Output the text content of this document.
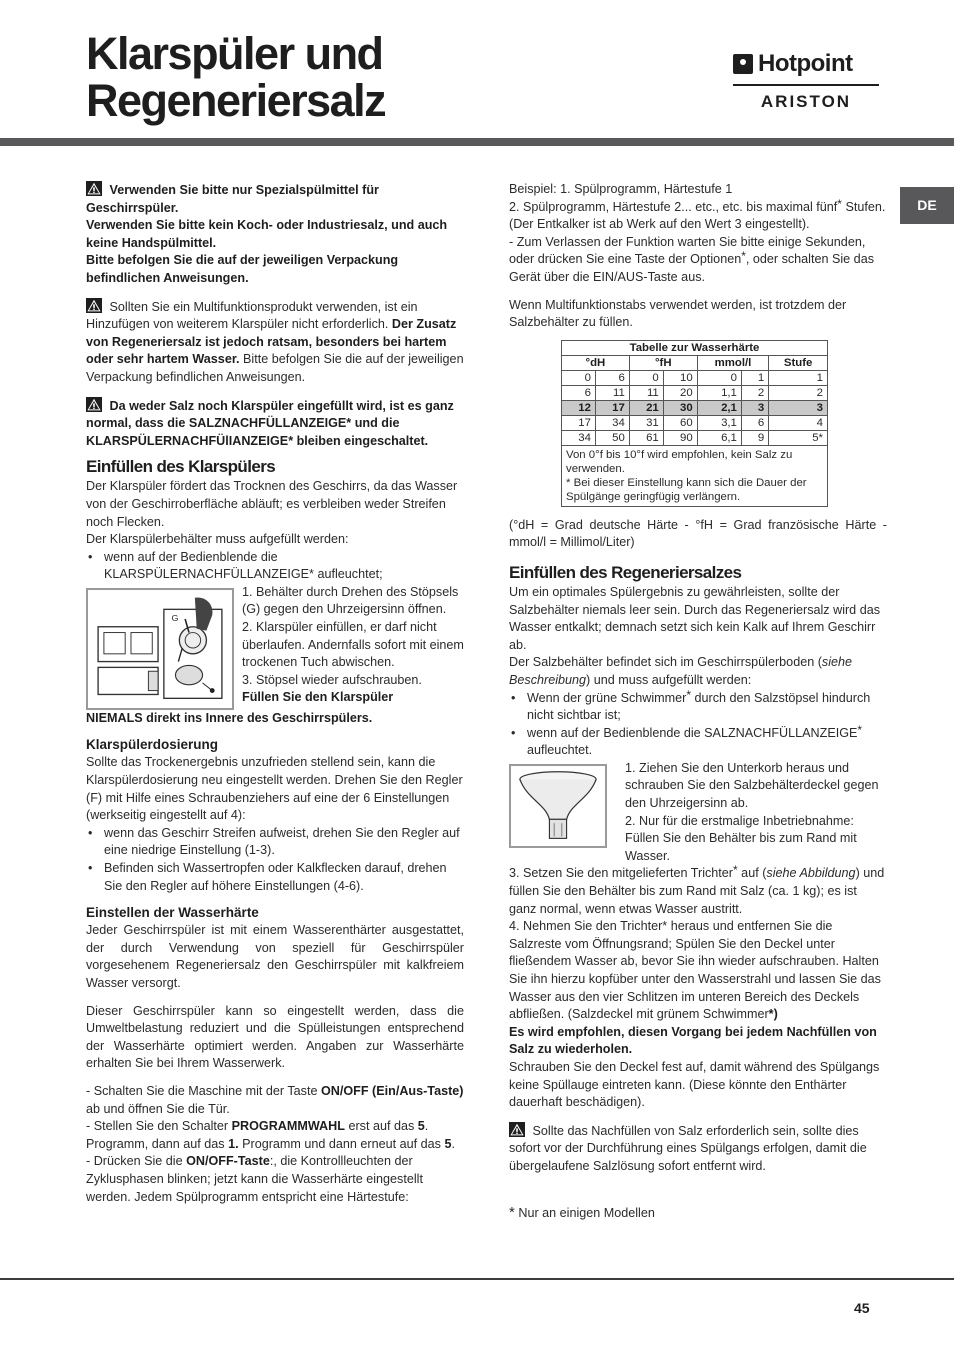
Klarspüler und
Regeneriersalz
Hotpoint
ARISTON
DE

Verwenden Sie bitte nur Spezialspülmittel für Geschirrspüler.
Verwenden Sie bitte kein Koch- oder Industriesalz, und auch keine Handspülmittel.
Bitte befolgen Sie die auf der jeweiligen Verpackung befindlichen Anweisungen.

Sollten Sie ein Multifunktionsprodukt verwenden, ist ein Hinzufügen von weiterem Klarspüler nicht erforderlich. Der Zusatz von Regeneriersalz ist jedoch ratsam, besonders bei hartem oder sehr hartem Wasser. Bitte befolgen Sie die auf der jeweiligen Verpackung befindlichen Anweisungen.

Da weder Salz noch Klarspüler eingefüllt wird, ist es ganz normal, dass die SALZNACHFÜLLANZEIGE* und die KLARSPÜLERNACHFÜlIANZEIGE* bleiben eingeschaltet.

Einfüllen des Klarspülers

Der Klarspüler fördert das Trocknen des Geschirrs, da das Wasser von der Geschirroberfläche abläuft; es verbleiben weder Streifen noch Flecken.

Der Klarspülerbehälter muss aufgefüllt werden:

• wenn auf der Bedienblende die KLARSPÜLERNACHFÜLLANZEIGE* aufleuchtet;
G

1. Behälter durch Drehen des Stöpsels (G) gegen den Uhrzeigersinn öffnen.

2. Klarspüler einfüllen, er darf nicht überlaufen. Andernfalls sofort mit einem trockenen Tuch abwischen.

3. Stöpsel wieder aufschrauben.

Füllen Sie den Klarspüler

NIEMALS direkt ins Innere des Geschirrspülers.

Klarspülerdosierung

Sollte das Trockenergebnis unzufrieden stellend sein, kann die Klarspülerdosierung neu eingestellt werden. Drehen Sie den Regler (F) mit Hilfe eines Schraubenziehers auf eine der 6 Einstellungen (werkseitig eingestellt auf 4):

• wenn das Geschirr Streifen aufweist, drehen Sie den Regler auf eine niedrige Einstellung (1-3).
• Befinden sich Wassertropfen oder Kalkflecken darauf, drehen Sie den Regler auf höhere Einstellungen (4-6).
Einstellen der Wasserhärte

Jeder Geschirrspüler ist mit einem Wasserenthärter ausgestattet, der durch Verwendung von speziell für Geschirrspüler vorgesehenem Regeneriersalz den Geschirrspüler mit kalkfreiem Wasser versorgt.

Dieser Geschirrspüler kann so eingestellt werden, dass die Umweltbelastung reduziert und die Spülleistungen entsprechend der Wasserhärte optimiert werden. Angaben zur Wasserhärte erhalten Sie bei Ihrem Wasserwerk.

- Schalten Sie die Maschine mit der Taste ON/OFF (Ein/Aus-Taste) ab und öffnen Sie die Tür.

- Stellen Sie den Schalter PROGRAMMWAHL erst auf das 5. Programm, dann auf das 1. Programm und dann erneut auf das 5.

- Drücken Sie die ON/OFF-Taste:, die Kontrollleuchten der Zyklusphasen blinken; jetzt kann die Wasserhärte eingestellt werden. Jedem Spülprogramm entspricht eine Härtestufe:

Beispiel: 1. Spülprogramm, Härtestufe 1

2. Spülprogramm, Härtestufe 2... etc., etc. bis maximal fünf* Stufen.

(Der Entkalker ist ab Werk auf den Wert 3 eingestellt).

- Zum Verlassen der Funktion warten Sie bitte einige Sekunden, oder drücken Sie eine Taste der Optionen*, oder schalten Sie das Gerät über die EIN/AUS-Taste aus.

Wenn Multifunktionstabs verwendet werden, ist trotzdem der Salzbehälter zu füllen.

Tabelle zur Wasserhärte						
°dH		°fH		mmol/l		Stufe
0	6	0	10	0	1	1
6	11	11	20	1,1	2	2
12	17	21	30	2,1	3	3
17	34	31	60	3,1	6	4
34	50	61	90	6,1	9	5*
Von 0°f bis 10°f wird empfohlen, kein Salz zu verwenden.
* Bei dieser Einstellung kann sich die Dauer der Spülgänge geringfügig verlängern.						

(°dH = Grad deutsche Härte - °fH = Grad französische Härte - mmol/l = Millimol/Liter)

Einfüllen des Regeneriersalzes

Um ein optimales Spülergebnis zu gewährleisten, sollte der Salzbehälter niemals leer sein. Durch das Regeneriersalz wird das Wasser entkalkt; demnach setzt sich kein Kalk auf Ihrem Geschirr ab.

Der Salzbehälter befindet sich im Geschirrspülerboden (siehe Beschreibung) und muss aufgefüllt werden:

• Wenn der grüne Schwimmer* durch den Salzstöpsel hindurch nicht sichtbar ist;
• wenn auf der Bedienblende die SALZNACHFÜLLANZEIGE* aufleuchtet.

1. Ziehen Sie den Unterkorb heraus und schrauben Sie den Salzbehälterdeckel gegen den Uhrzeigersinn ab.

2. Nur für die erstmalige Inbetriebnahme: Füllen Sie den Behälter bis zum Rand mit Wasser.

3. Setzen Sie den mitgelieferten Trichter* auf (siehe Abbildung) und füllen Sie den Behälter bis zum Rand mit Salz (ca. 1 kg); es ist ganz normal, wenn etwas Wasser austritt.

4. Nehmen Sie den Trichter* heraus und entfernen Sie die Salzreste vom Öffnungsrand; Spülen Sie den Deckel unter fließendem Wasser ab, bevor Sie ihn wieder aufschrauben. Halten Sie ihn hierzu kopfüber unter den Wasserstrahl und lassen Sie das Wasser aus den vier Schlitzen im unteren Bereich des Deckels abfließen. (Salzdeckel mit grünem Schwimmer*)

Es wird empfohlen, diesen Vorgang bei jedem Nachfüllen von Salz zu wiederholen.

Schrauben Sie den Deckel fest auf, damit während des Spülgangs keine Spüllauge eintreten kann. (Diese könnte den Enthärter dauerhaft beschädigen).

Sollte das Nachfüllen von Salz erforderlich sein, sollte dies sofort vor der Durchführung eines Spülgangs erfolgen, damit die übergelaufene Salzlösung sofort entfernt wird.

* Nur an einigen Modellen

45
